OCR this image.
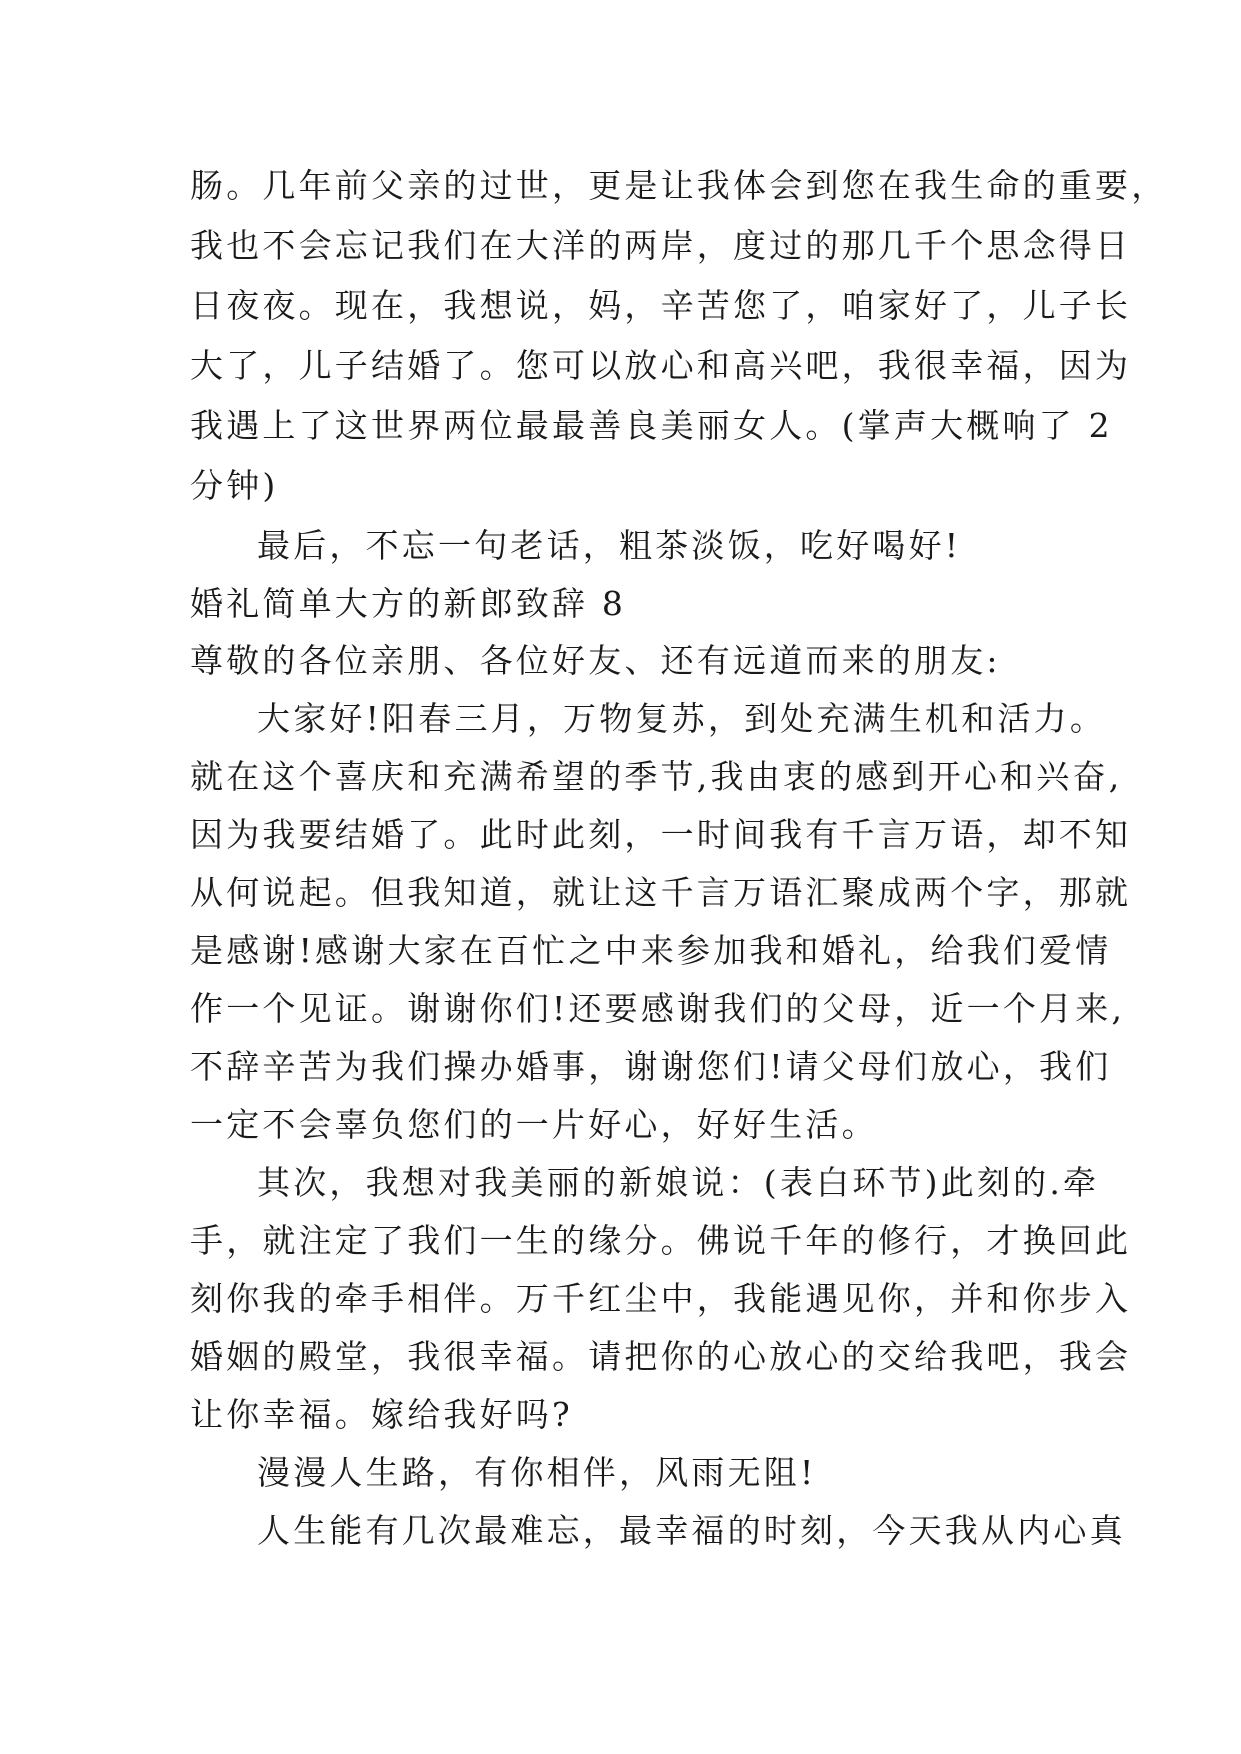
肠。几年前父亲的过世，更是让我体会到您在我生命的重要，
我也不会忘记我们在大洋的两岸，度过的那几千个思念得日
日夜夜。现在，我想说，妈，辛苦您了，咱家好了，儿子长
大了，儿子结婚了。您可以放心和高兴吧，我很幸福，因为
我遇上了这世界两位最最善良美丽女人。(掌声大概响了 2
分钟)
最后，不忘一句老话，粗茶淡饭，吃好喝好!
婚礼简单大方的新郎致辞 8
尊敬的各位亲朋、各位好友、还有远道而来的朋友:
大家好!阳春三月，万物复苏，到处充满生机和活力。
就在这个喜庆和充满希望的季节,我由衷的感到开心和兴奋,
因为我要结婚了。此时此刻，一时间我有千言万语，却不知
从何说起。但我知道，就让这千言万语汇聚成两个字，那就
是感谢!感谢大家在百忙之中来参加我和婚礼，给我们爱情
作一个见证。谢谢你们!还要感谢我们的父母，近一个月来,
不辞辛苦为我们操办婚事，谢谢您们!请父母们放心，我们
一定不会辜负您们的一片好心，好好生活。
其次，我想对我美丽的新娘说：(表白环节)此刻的.牵
手，就注定了我们一生的缘分。佛说千年的修行，才换回此
刻你我的牵手相伴。万千红尘中，我能遇见你，并和你步入
婚姻的殿堂，我很幸福。请把你的心放心的交给我吧，我会
让你幸福。嫁给我好吗?
漫漫人生路，有你相伴，风雨无阻!
人生能有几次最难忘，最幸福的时刻，今天我从内心真
